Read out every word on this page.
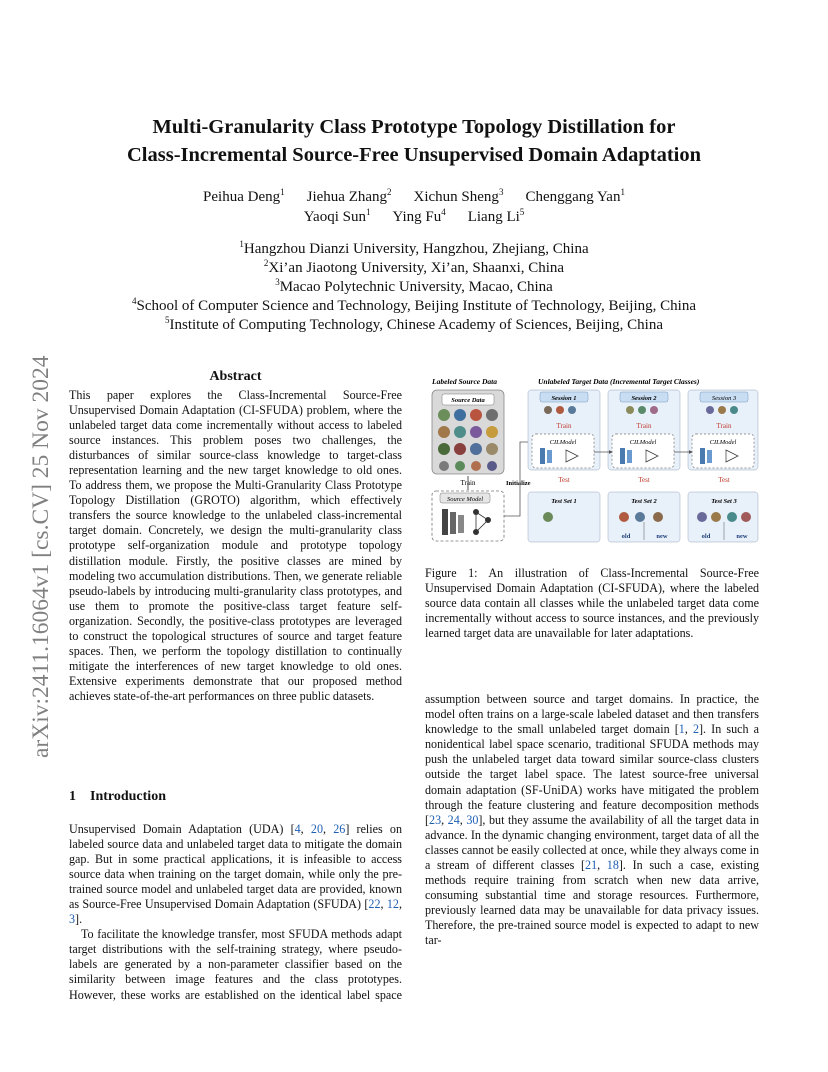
arXiv:2411.16064v1 [cs.CV] 25 Nov 2024
Multi-Granularity Class Prototype Topology Distillation for
Class-Incremental Source-Free Unsupervised Domain Adaptation
Peihua Deng$^1$ Jiehua Zhang$^2$ Xichun Sheng$^3$ Chenggang Yan$^1$
Yaoqi Sun$^1$ Ying Fu$^4$ Liang Li$^5$
$^1$Hangzhou Dianzi University, Hangzhou, Zhejiang, China
$^2$Xi’an Jiaotong University, Xi’an, Shaanxi, China
$^3$Macao Polytechnic University, Macao, China
$^4$School of Computer Science and Technology, Beijing Institute of Technology, Beijing, China
$^5$Institute of Computing Technology, Chinese Academy of Sciences, Beijing, China
Abstract

This paper explores the Class-Incremental Source-Free Unsupervised Domain Adaptation (CI-SFUDA) problem, where the unlabeled target data come incrementally without access to labeled source instances. This problem poses two challenges, the disturbances of similar source-class knowledge to target-class representation learning and the new target knowledge to old ones. To address them, we propose the Multi-Granularity Class Prototype Topology Distillation (GROTO) algorithm, which effectively transfers the source knowledge to the unlabeled class-incremental target domain. Concretely, we design the multi-granularity class prototype self-organization module and prototype topology distillation module. Firstly, the positive classes are mined by modeling two accumulation distributions. Then, we generate reliable pseudo-labels by introducing multi-granularity class prototypes, and use them to promote the positive-class target feature self-organization. Secondly, the positive-class prototypes are leveraged to construct the topological structures of source and target feature spaces. Then, we perform the topology distillation to continually mitigate the interferences of new target knowledge to old ones. Extensive experiments demonstrate that our proposed method achieves state-of-the-art performances on three public datasets.

1 Introduction

Unsupervised Domain Adaptation (UDA) [4, 20, 26] relies on labeled source data and unlabeled target data to mitigate the domain gap. But in some practical applications, it is infeasible to access source data when training on the target domain, while only the pre-trained source model and unlabeled target data are provided, known as Source-Free Unsupervised Domain Adaptation (SFUDA) [22, 12, 3].

To facilitate the knowledge transfer, most SFUDA methods adapt target distributions with the self-training strategy, where pseudo-labels are generated by a non-parameter classifier based on the similarity between image features and the class prototypes. However, these works are established on the identical label space

assumption between source and target domains. In practice, the model often trains on a large-scale labeled dataset and then transfers knowledge to the small unlabeled target domain [1, 2]. In such a nonidentical label space scenario, traditional SFUDA methods may push the unlabeled target data toward similar source-class clusters outside the target label space. The latest source-free universal domain adaptation (SF-UniDA) works have mitigated the problem through the feature clustering and feature decomposition methods [23, 24, 30], but they assume the availability of all the target data in advance. In the dynamic changing environment, target data of all the classes cannot be easily collected at once, while they always come in a stream of different classes [21, 18]. In such a case, existing methods require training from scratch when new data arrive, consuming substantial time and storage resources. Furthermore, previously learned data may be unavailable for data privacy issues. Therefore, the pre-trained source model is expected to adapt to new tar-
Labeled Source Data	Unlabeled Target Data (Incremental Target Classes)
Source Data
Train	Initialize
Source Model
Session 1	Session 2	Session 3
Train	Train	Train
CILModel	CILModel	CILModel
Test	Test	Test
Test Set 1	Test Set 2	Test Set 3
old	new	old	new
Figure 1: An illustration of Class-Incremental Source-Free Unsupervised Domain Adaptation (CI-SFUDA), where the labeled source data contain all classes while the unlabeled target data come incrementally without access to source instances, and the previously learned target data are unavailable for later adaptations.
